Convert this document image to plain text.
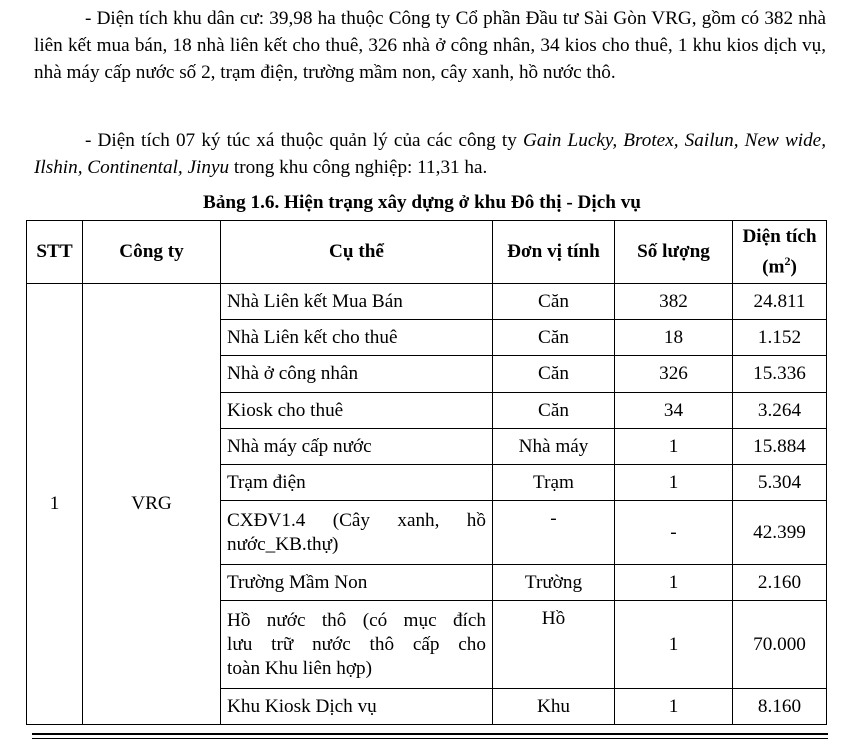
- Diện tích khu dân cư: 39,98 ha thuộc Công ty Cổ phần Đầu tư Sài Gòn VRG, gồm có 382 nhà liên kết mua bán, 18 nhà liên kết cho thuê, 326 nhà ở công nhân, 34 kios cho thuê, 1 khu kios dịch vụ, nhà máy cấp nước số 2, trạm điện, trường mầm non, cây xanh, hồ nước thô.

- Diện tích 07 ký túc xá thuộc quản lý của các công ty Gain Lucky, Brotex, Sailun, New wide, Ilshin, Continental, Jinyu trong khu công nghiệp: 11,31 ha.

Bảng 1.6. Hiện trạng xây dựng ở khu Đô thị - Dịch vụ
STT	Công ty	Cụ thể	Đơn vị tính	Số lượng	Diện tích
$(m^2)$

1	VRG	Nhà Liên kết Mua Bán	Căn	382	24.811
		Nhà Liên kết cho thuê	Căn	18	1.152
		Nhà ở công nhân	Căn	326	15.336
		Kiosk cho thuê	Căn	34	3.264
		Nhà máy cấp nước	Nhà máy	1	15.884
		Trạm điện	Trạm	1	5.304

		CXĐV1.4 (Cây xanh, hồ
nước_KB.thự)	-	-	42.399
		Trường Mầm Non	Trường	1	2.160

		Hồ nước thô (có mục đích
lưu trữ nước thô cấp cho
toàn Khu liên hợp)	Hồ	1	70.000
		Khu Kiosk Dịch vụ	Khu	1	8.160
